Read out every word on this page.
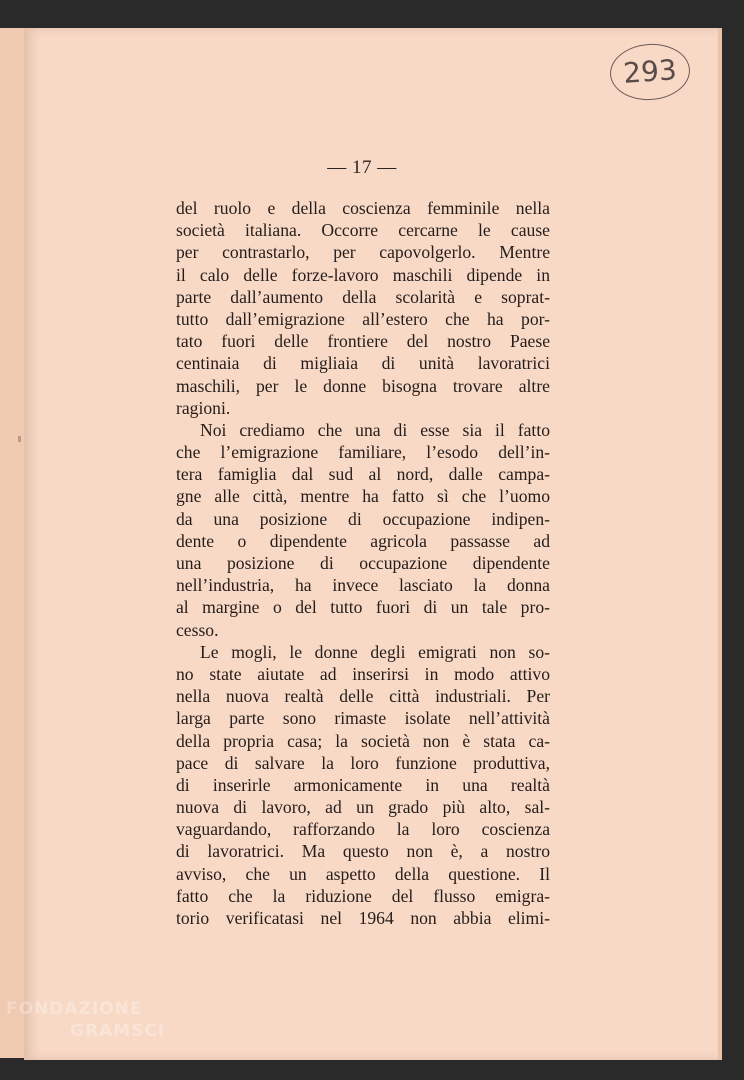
— 17 —
del ruolo e della coscienza femminile nella
società italiana. Occorre cercarne le cause
per contrastarlo, per capovolgerlo. Mentre
il calo delle forze-lavoro maschili dipende in
parte dall’aumento della scolarità e soprat-
tutto dall’emigrazione all’estero che ha por-
tato fuori delle frontiere del nostro Paese
centinaia di migliaia di unità lavoratrici
maschili, per le donne bisogna trovare altre
ragioni.
Noi crediamo che una di esse sia il fatto
che l’emigrazione familiare, l’esodo dell’in-
tera famiglia dal sud al nord, dalle campa-
gne alle città, mentre ha fatto sì che l’uomo
da una posizione di occupazione indipen-
dente o dipendente agricola passasse ad
una posizione di occupazione dipendente
nell’industria, ha invece lasciato la donna
al margine o del tutto fuori di un tale pro-
cesso.
Le mogli, le donne degli emigrati non so-
no state aiutate ad inserirsi in modo attivo
nella nuova realtà delle città industriali. Per
larga parte sono rimaste isolate nell’attività
della propria casa; la società non è stata ca-
pace di salvare la loro funzione produttiva,
di inserirle armonicamente in una realtà
nuova di lavoro, ad un grado più alto, sal-
vaguardando, rafforzando la loro coscienza
di lavoratrici. Ma questo non è, a nostro
avviso, che un aspetto della questione. Il
fatto che la riduzione del flusso emigra-
torio verificatasi nel 1964 non abbia elimi-
293
FONDAZIONE
GRAMSCI
